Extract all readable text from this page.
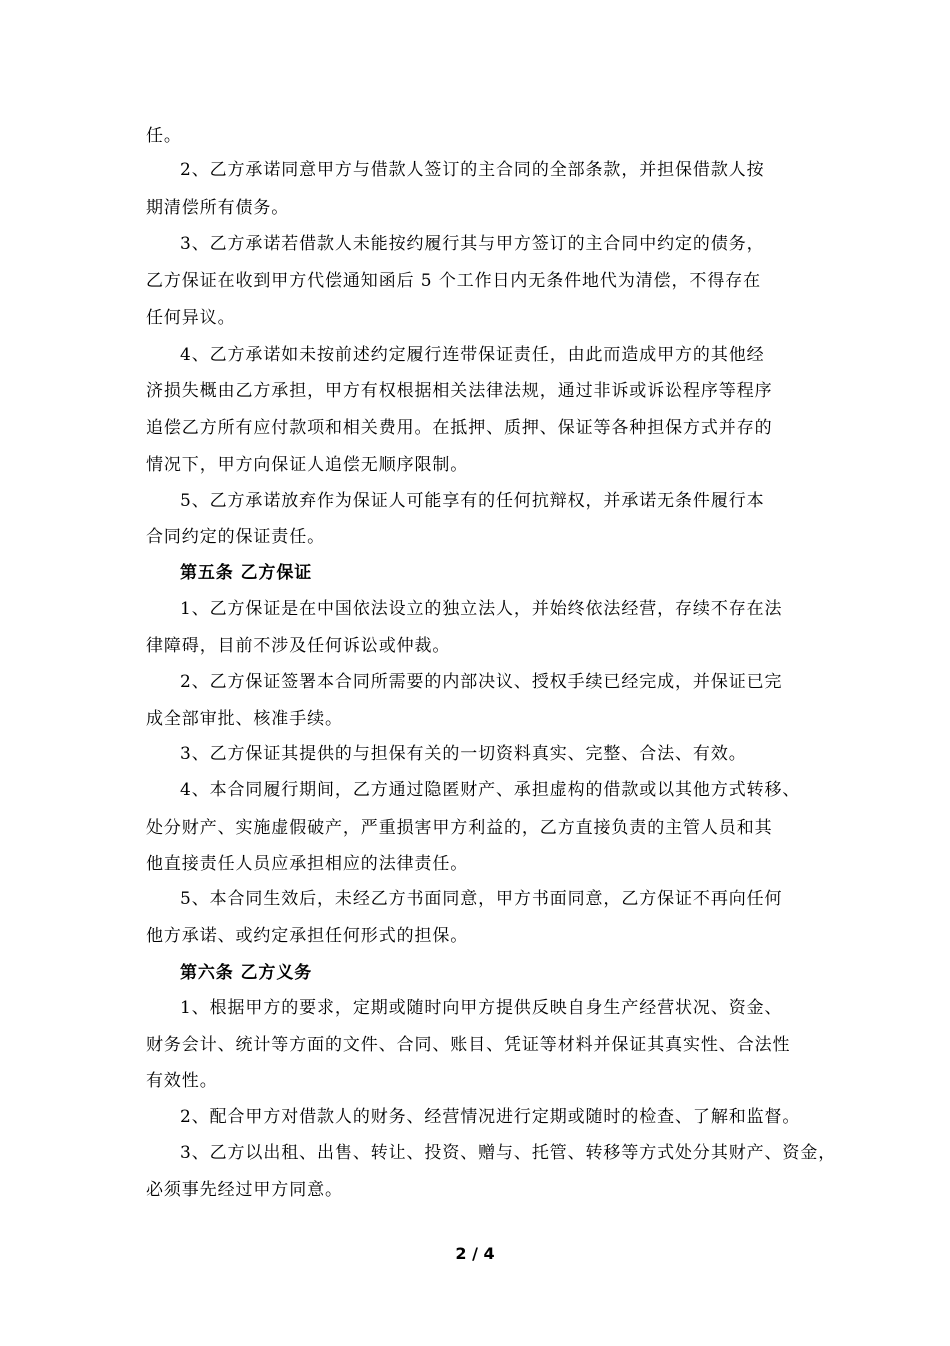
任。
2、乙方承诺同意甲方与借款人签订的主合同的全部条款，并担保借款人按
期清偿所有债务。
3、乙方承诺若借款人未能按约履行其与甲方签订的主合同中约定的债务，
乙方保证在收到甲方代偿通知函后 5 个工作日内无条件地代为清偿，不得存在
任何异议。
4、乙方承诺如未按前述约定履行连带保证责任，由此而造成甲方的其他经
济损失概由乙方承担，甲方有权根据相关法律法规，通过非诉或诉讼程序等程序
追偿乙方所有应付款项和相关费用。在抵押、质押、保证等各种担保方式并存的
情况下，甲方向保证人追偿无顺序限制。
5、乙方承诺放弃作为保证人可能享有的任何抗辩权，并承诺无条件履行本
合同约定的保证责任。
第五条 乙方保证
1、乙方保证是在中国依法设立的独立法人，并始终依法经营，存续不存在法
律障碍，目前不涉及任何诉讼或仲裁。
2、乙方保证签署本合同所需要的内部决议、授权手续已经完成，并保证已完
成全部审批、核准手续。
3、乙方保证其提供的与担保有关的一切资料真实、完整、合法、有效。
4、本合同履行期间，乙方通过隐匿财产、承担虚构的借款或以其他方式转移、
处分财产、实施虚假破产，严重损害甲方利益的，乙方直接负责的主管人员和其
他直接责任人员应承担相应的法律责任。
5、本合同生效后，未经乙方书面同意，甲方书面同意，乙方保证不再向任何
他方承诺、或约定承担任何形式的担保。
第六条 乙方义务
1、根据甲方的要求，定期或随时向甲方提供反映自身生产经营状况、资金、
财务会计、统计等方面的文件、合同、账目、凭证等材料并保证其真实性、合法性
有效性。
2、配合甲方对借款人的财务、经营情况进行定期或随时的检查、了解和监督。
3、乙方以出租、出售、转让、投资、赠与、托管、转移等方式处分其财产、资金，
必须事先经过甲方同意。
2 / 4
